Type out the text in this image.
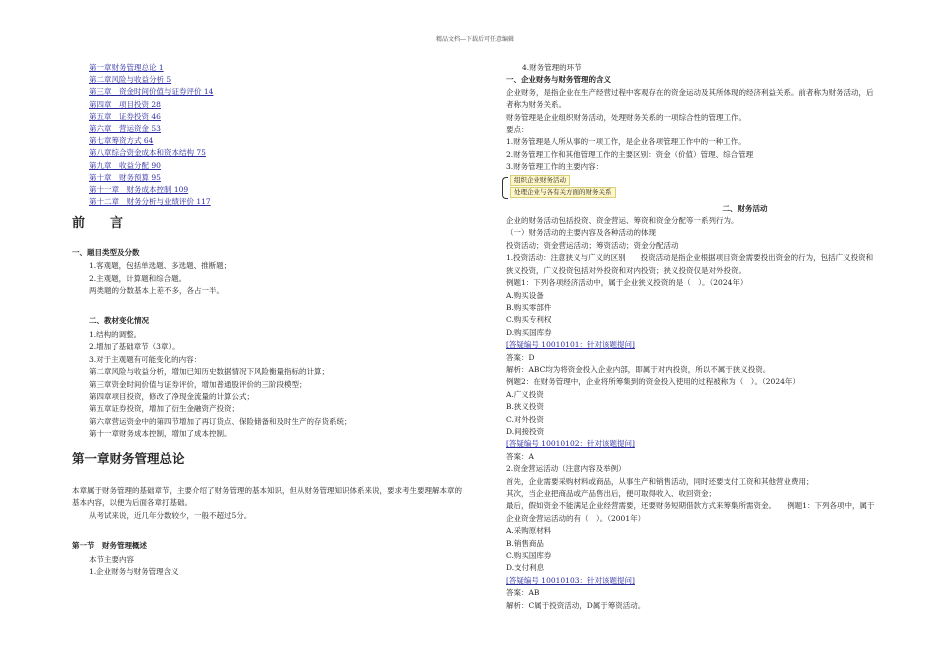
精品文档---下载后可任意编辑
第一章财务管理总论 1
第二章风险与收益分析 5
第三章　资金时间价值与证券评价 14
第四章　项目投资 28
第五章　证券投资 46
第六章　营运资金 53
第七章筹资方式 64
第八章综合资金成本和资本结构 75
第九章　收益分配 90
第十章　财务预算 95
第十一章　财务成本控制 109
第十二章　财务分析与业绩评价 117
前　言
一、题目类型及分数
1.客观题，包括单选题、多选题、推断题；
2.主观题，计算题和综合题。
两类题的分数基本上差不多，各占一半。
二、教材变化情况
1.结构的调整。
2.增加了基础章节（3章）。
3.对于主观题有可能变化的内容：
第二章风险与收益分析，增加已知历史数据情况下风险衡量指标的计算；
第三章资金时间价值与证券评价，增加普通股评价的三阶段模型；
第四章项目投资，修改了净现金流量的计算公式；
第五章证券投资，增加了衍生金融资产投资；
第六章营运资金中的第四节增加了再订货点、保险储备和及时生产的存货系统；
第十一章财务成本控制，增加了成本控制。
第一章财务管理总论
本章属于财务管理的基础章节，主要介绍了财务管理的基本知识，但从财务管理知识体系来说，要求考生要理解本章的基本内容，以便为后面各章打基础。
从考试来说，近几年分数较少，一般不超过5分。
第一节　财务管理概述
本节主要内容
1.企业财务与财务管理含义
4.财务管理的环节
一、企业财务与财务管理的含义
企业财务，是指企业在生产经营过程中客观存在的资金运动及其所体现的经济利益关系。前者称为财务活动，后者称为财务关系。
财务管理是企业组织财务活动，处理财务关系的一项综合性的管理工作。
要点：
1.财务管理是人所从事的一项工作，是企业各项管理工作中的一种工作。
2.财务管理工作和其他管理工作的主要区别：资金（价值）管理、综合管理
3.财务管理工作的主要内容：
组织企业财务活动
处理企业与各有关方面的财务关系
二、财务活动
企业的财务活动包括投资、资金营运、筹资和资金分配等一系列行为。
（一）财务活动的主要内容及各种活动的体现
投资活动；资金营运活动；筹资活动；资金分配活动
1.投资活动：注意狭义与广义的区别　　投资活动是指企业根据项目资金需要投出资金的行为，包括广义投资和狭义投资，广义投资包括对外投资和对内投资；狭义投资仅是对外投资。
例题1：下列各项经济活动中，属于企业狭义投资的是（　）。（2024年）
A.购买设备
B.购买零部件
C.购买专利权
D.购买国库券
[答疑编号 10010101：针对该题提问]
答案：D
解析：ABC均为将资金投入企业内部，即属于对内投资，所以不属于狭义投资。
例题2：在财务管理中，企业将所筹集到的资金投入使用的过程被称为（　）。（2024年）
A.广义投资
B.狭义投资
C.对外投资
D.间接投资
[答疑编号 10010102：针对该题提问]
答案：A
2.资金营运活动（注意内容及举例）
首先，企业需要采购材料或商品，从事生产和销售活动，同时还要支付工资和其他营业费用；
其次，当企业把商品或产品售出后，便可取得收入、收回资金；
最后，假如资金不能满足企业经营需要，还要财务短期借款方式来筹集所需资金。　　例题1：下列各项中，属于企业资金营运活动的有（　）。（2001年）
A.采购原材料
B.销售商品
C.购买国库券
D.支付利息
[答疑编号 10010103：针对该题提问]
答案：AB
解析：C属于投资活动，D属于筹资活动。
